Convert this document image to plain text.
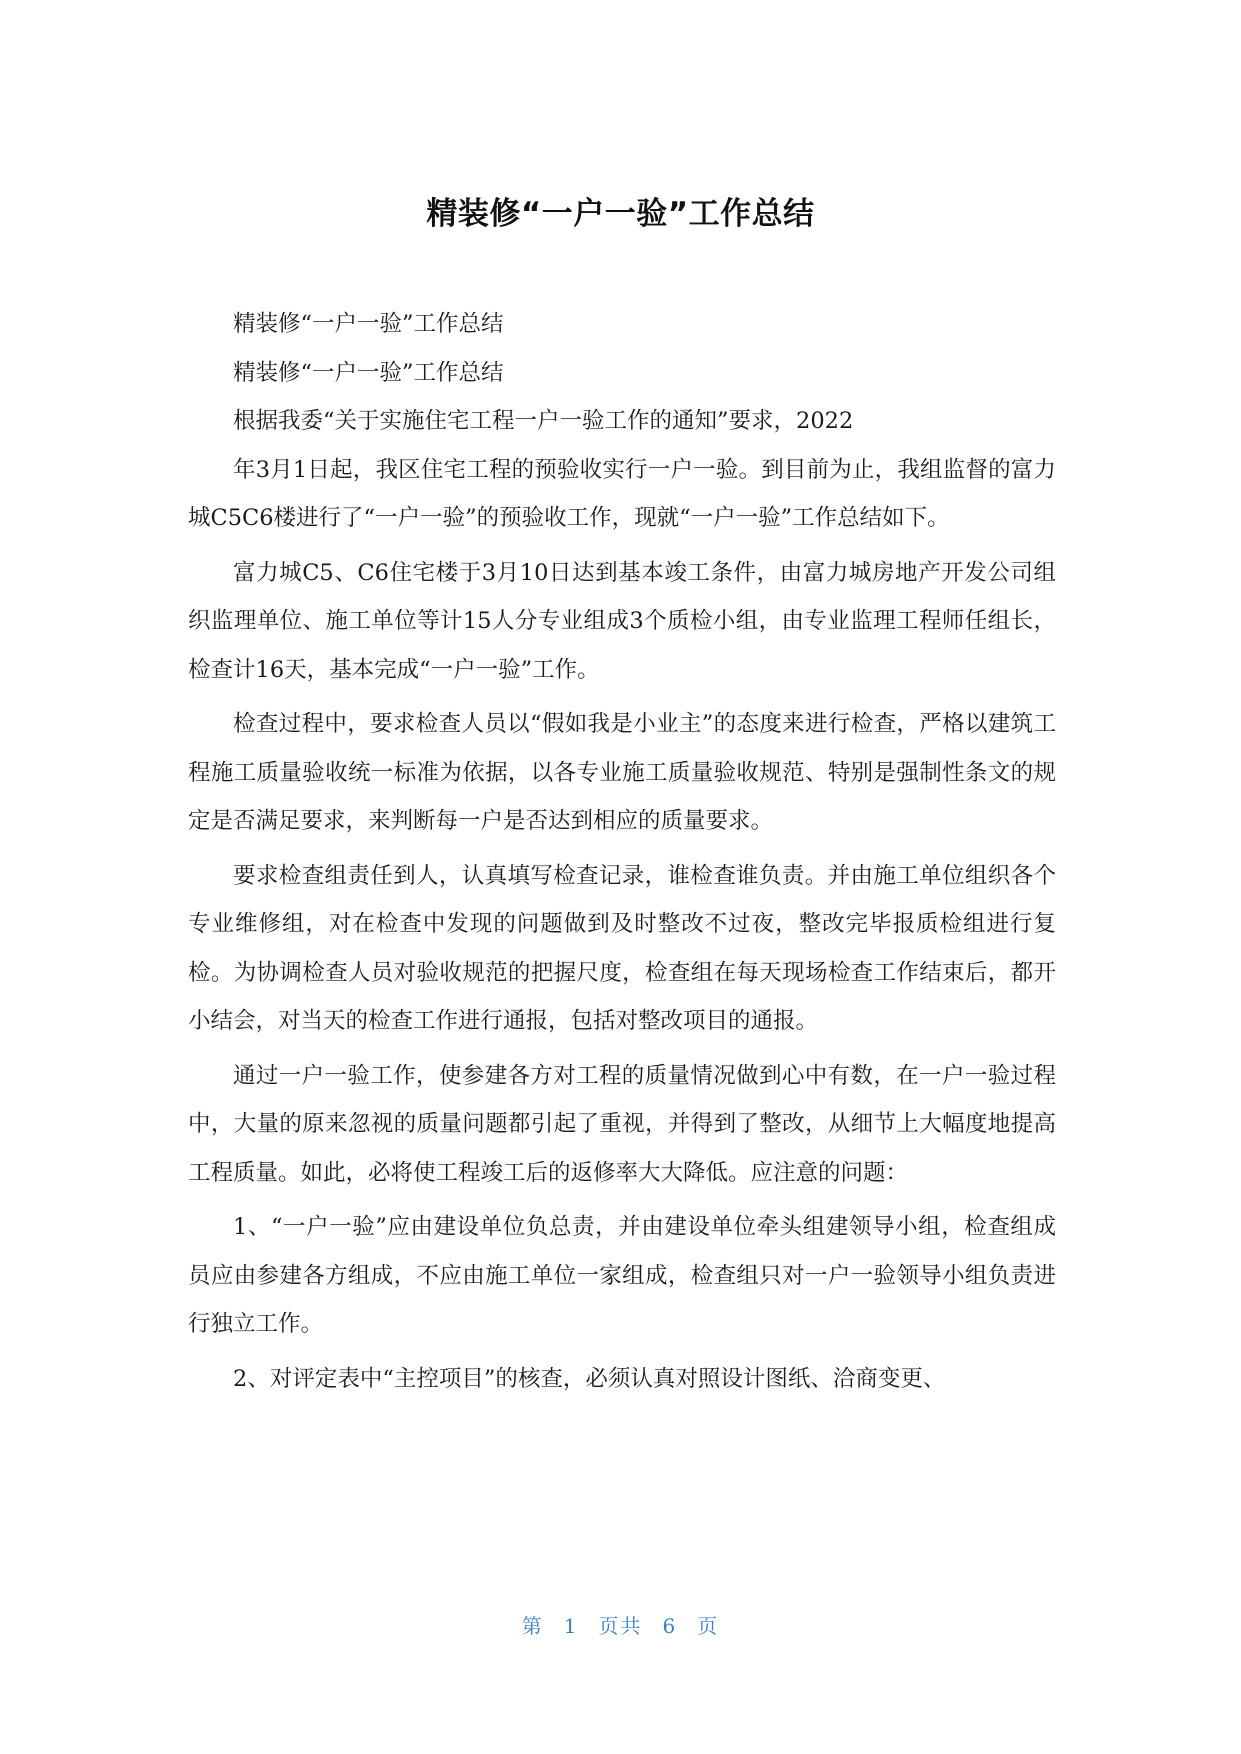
精装修“一户一验”工作总结

精装修“一户一验”工作总结

精装修“一户一验”工作总结

根据我委“关于实施住宅工程一户一验工作的通知”要求，2022

年3月1日起，我区住宅工程的预验收实行一户一验。到目前为止，我组监督的富力城C5C6楼进行了“一户一验”的预验收工作，现就“一户一验”工作总结如下。

富力城C5、C6住宅楼于3月10日达到基本竣工条件，由富力城房地产开发公司组织监理单位、施工单位等计15人分专业组成3个质检小组，由专业监理工程师任组长，检查计16天，基本完成“一户一验”工作。

检查过程中，要求检查人员以“假如我是小业主”的态度来进行检查，严格以建筑工程施工质量验收统一标准为依据，以各专业施工质量验收规范、特别是强制性条文的规定是否满足要求，来判断每一户是否达到相应的质量要求。

要求检查组责任到人，认真填写检查记录，谁检查谁负责。并由施工单位组织各个专业维修组，对在检查中发现的问题做到及时整改不过夜，整改完毕报质检组进行复检。为协调检查人员对验收规范的把握尺度，检查组在每天现场检查工作结束后，都开小结会，对当天的检查工作进行通报，包括对整改项目的通报。

通过一户一验工作，使参建各方对工程的质量情况做到心中有数，在一户一验过程中，大量的原来忽视的质量问题都引起了重视，并得到了整改，从细节上大幅度地提高工程质量。如此，必将使工程竣工后的返修率大大降低。应注意的问题：

1、“一户一验”应由建设单位负总责，并由建设单位牵头组建领导小组，检查组成员应由参建各方组成，不应由施工单位一家组成，检查组只对一户一验领导小组负责进行独立工作。

2、对评定表中“主控项目”的核查，必须认真对照设计图纸、洽商变更、

第 1 页共 6 页
